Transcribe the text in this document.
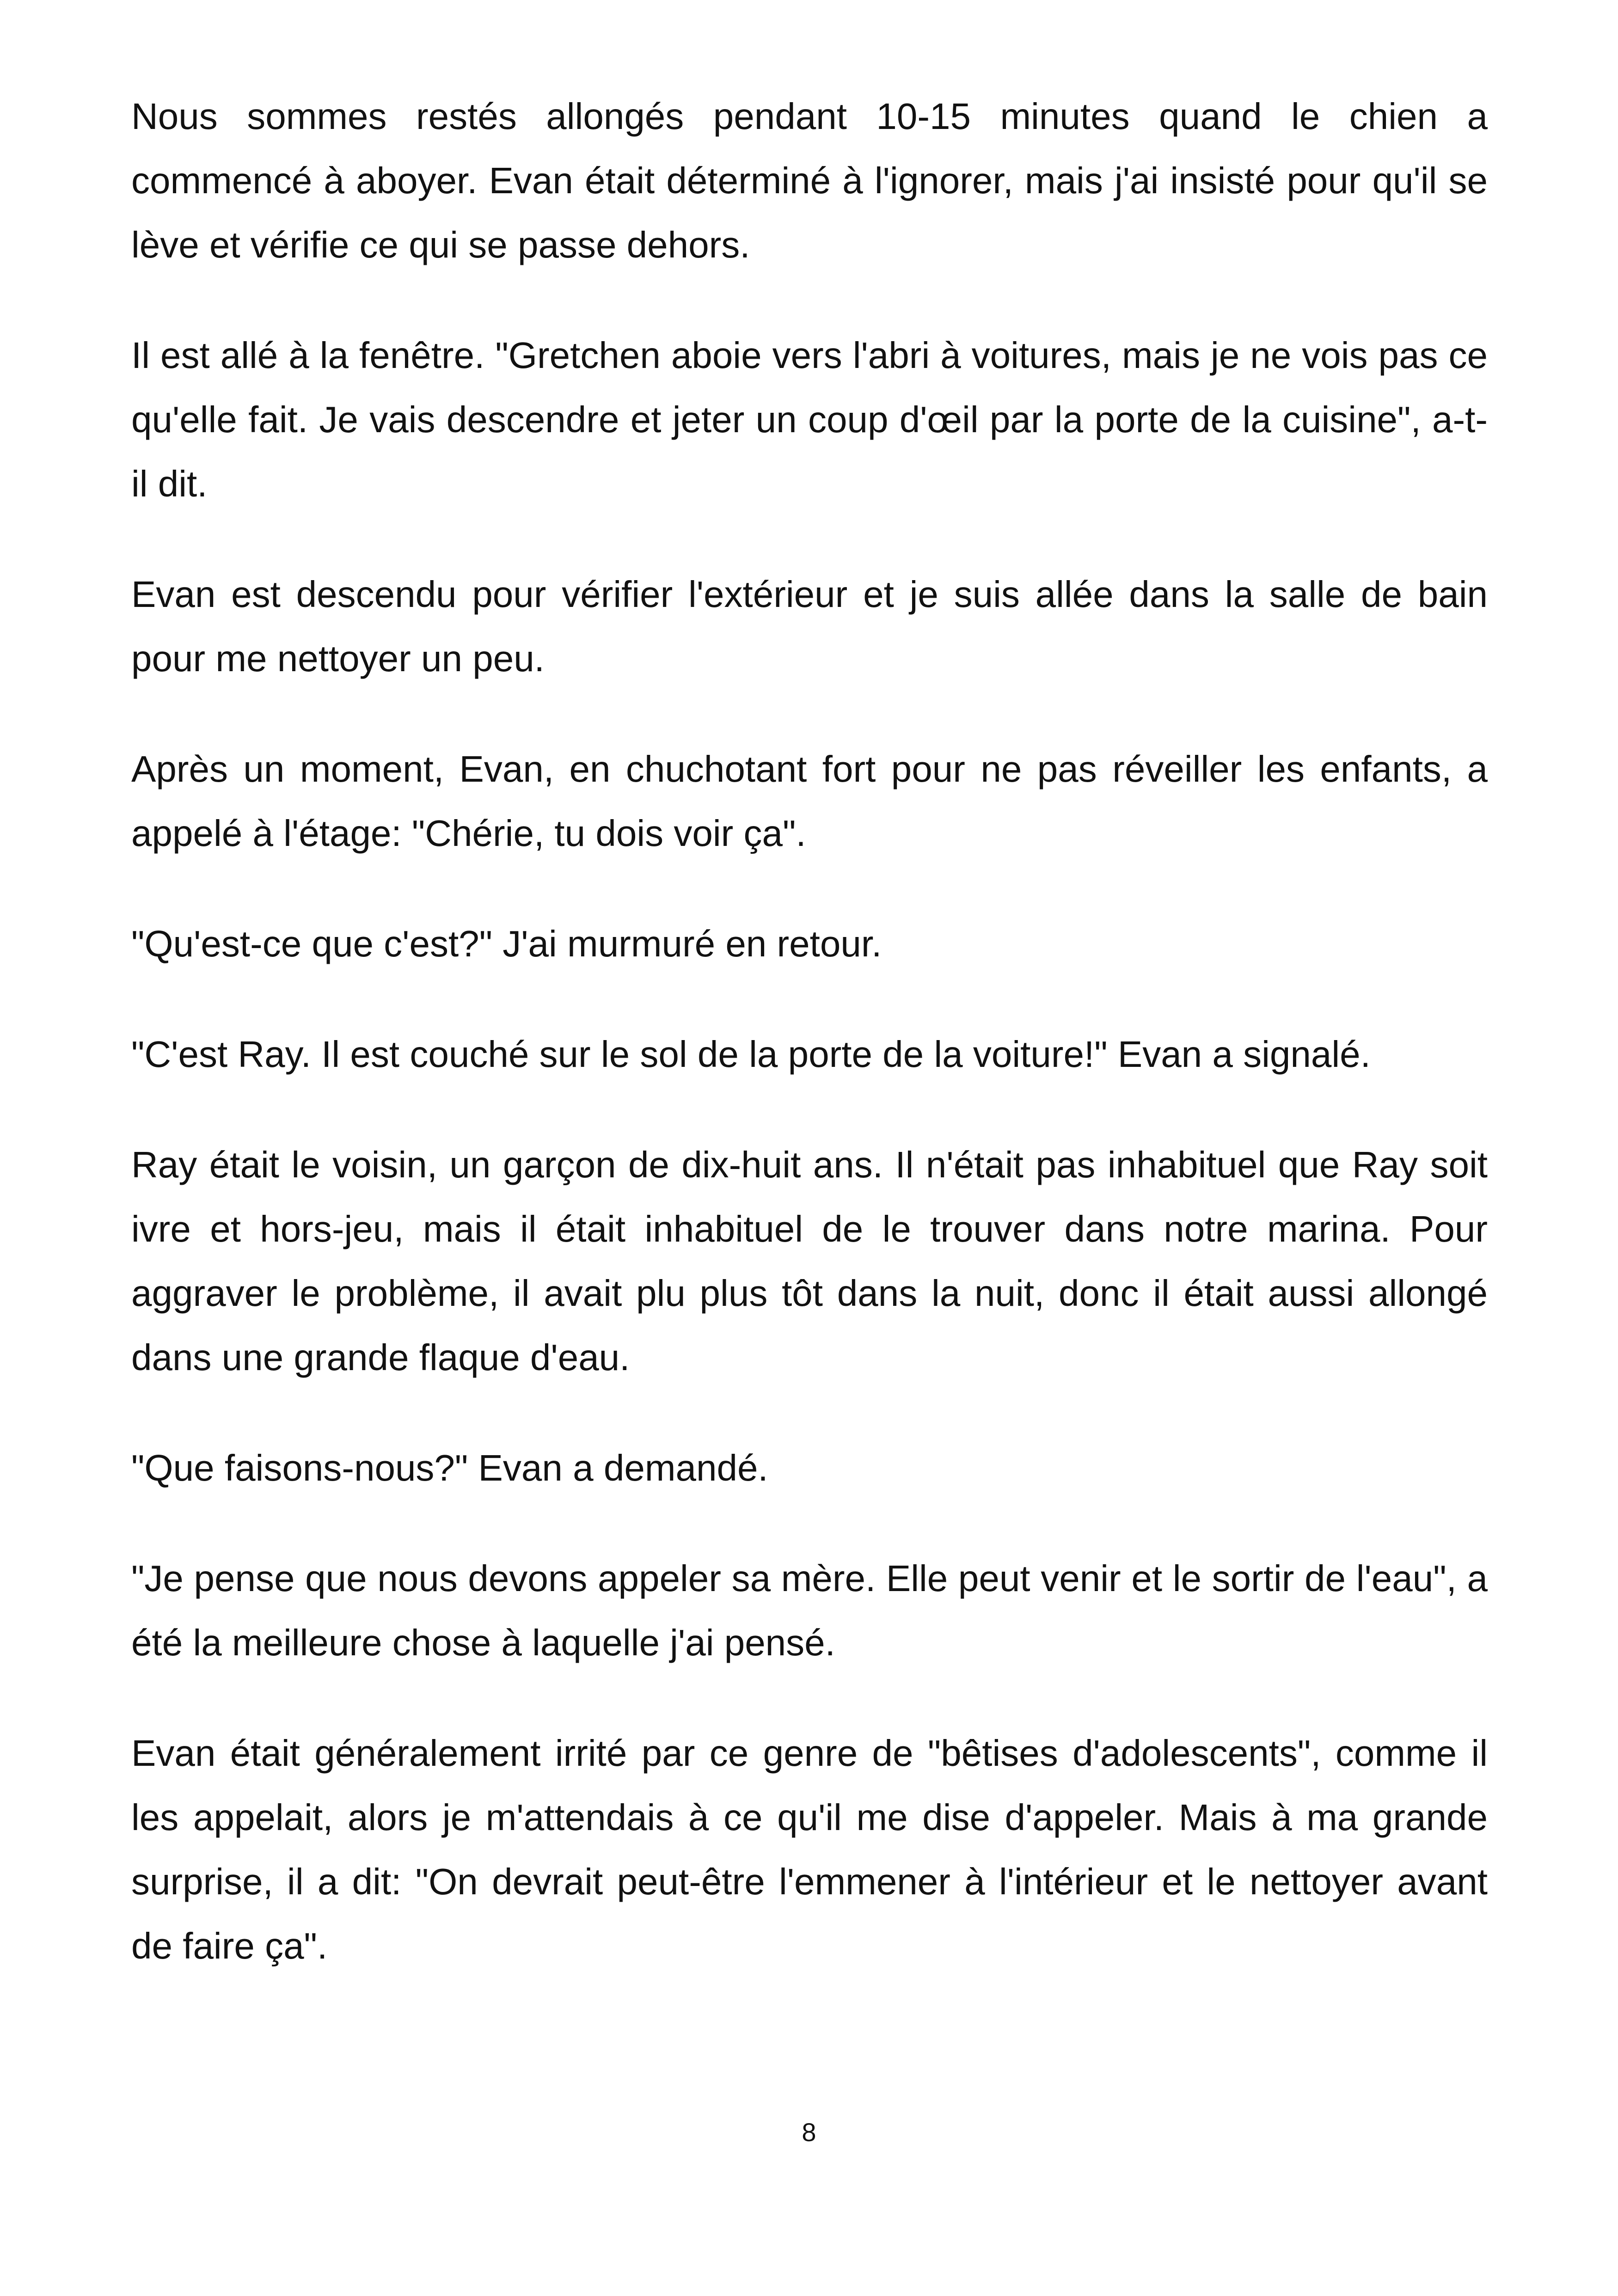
Nous sommes restés allongés pendant 10-15 minutes quand le chien a commencé à aboyer. Evan était déterminé à l'ignorer, mais j'ai insisté pour qu'il se lève et vérifie ce qui se passe dehors.

Il est allé à la fenêtre. "Gretchen aboie vers l'abri à voitures, mais je ne vois pas ce qu'elle fait. Je vais descendre et jeter un coup d'œil par la porte de la cuisine", a-t-il dit.

Evan est descendu pour vérifier l'extérieur et je suis allée dans la salle de bain pour me nettoyer un peu.

Après un moment, Evan, en chuchotant fort pour ne pas réveiller les enfants, a appelé à l'étage: "Chérie, tu dois voir ça".

"Qu'est-ce que c'est?" J'ai murmuré en retour.

"C'est Ray. Il est couché sur le sol de la porte de la voiture!" Evan a signalé.

Ray était le voisin, un garçon de dix-huit ans. Il n'était pas inhabituel que Ray soit ivre et hors-jeu, mais il était inhabituel de le trouver dans notre marina. Pour aggraver le problème, il avait plu plus tôt dans la nuit, donc il était aussi allongé dans une grande flaque d'eau.

"Que faisons-nous?" Evan a demandé.

"Je pense que nous devons appeler sa mère. Elle peut venir et le sortir de l'eau", a été la meilleure chose à laquelle j'ai pensé.

Evan était généralement irrité par ce genre de "bêtises d'adolescents", comme il les appelait, alors je m'attendais à ce qu'il me dise d'appeler. Mais à ma grande surprise, il a dit: "On devrait peut-être l'emmener à l'intérieur et le nettoyer avant de faire ça".

8
